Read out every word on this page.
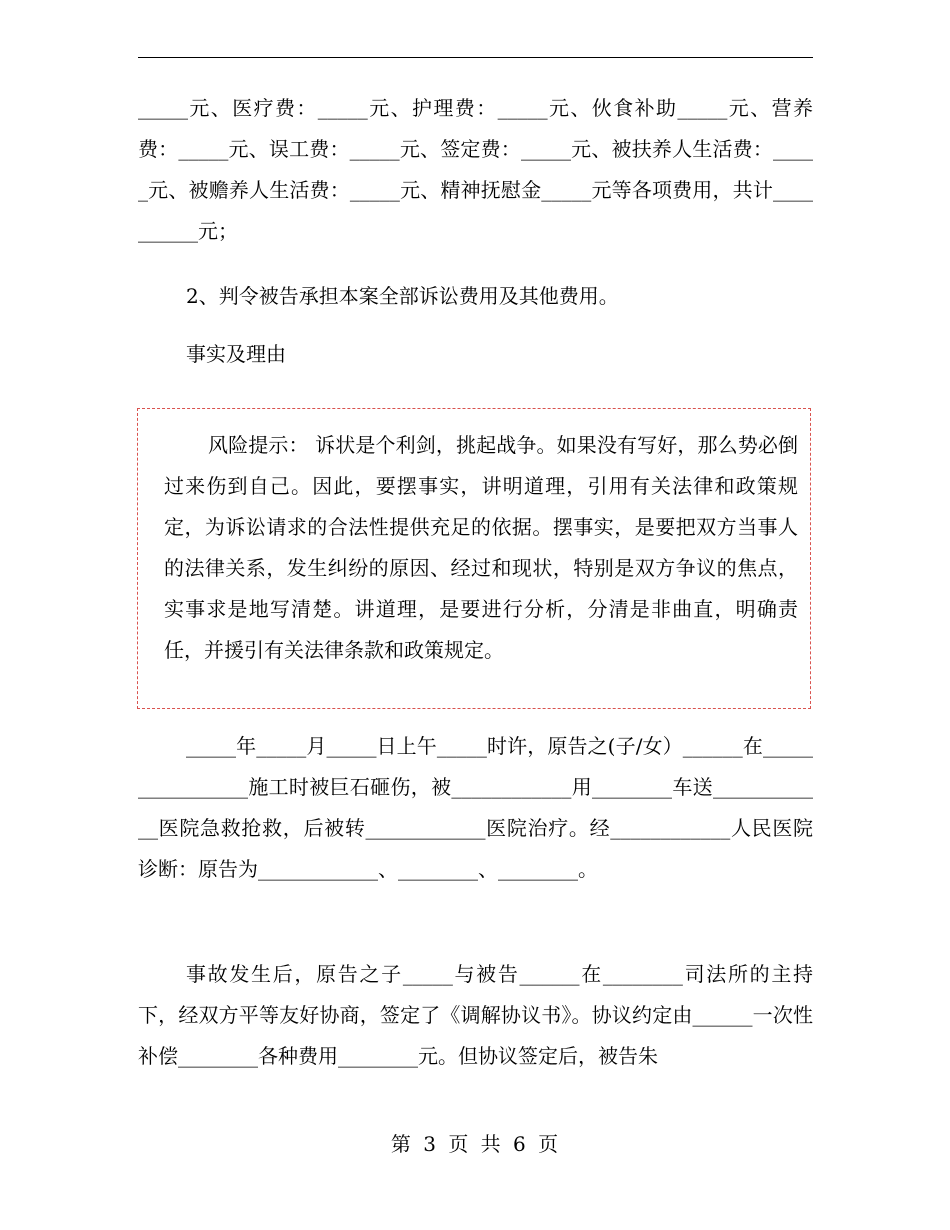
_____元、医疗费：_____元、护理费：_____元、伙食补助_____元、营养费：_____元、误工费：_____元、签定费：_____元、被扶养人生活费：_____元、被赡养人生活费：_____元、精神抚慰金_____元等各项费用，共计__________元；

2、判令被告承担本案全部诉讼费用及其他费用。

事实及理由

风险提示： 诉状是个利剑，挑起战争。如果没有写好，那么势必倒过来伤到自己。因此，要摆事实，讲明道理，引用有关法律和政策规定，为诉讼请求的合法性提供充足的依据。摆事实，是要把双方当事人的法律关系，发生纠纷的原因、经过和现状，特别是双方争议的焦点，实事求是地写清楚。讲道理，是要进行分析，分清是非曲直，明确责任，并援引有关法律条款和政策规定。

_____年_____月_____日上午_____时许，原告之(子/女）______在________________施工时被巨石砸伤，被____________用________车送____________医院急救抢救，后被转____________医院治疗。经____________人民医院诊断：原告为____________、________、________。

事故发生后，原告之子_____与被告______在________司法所的主持下，经双方平等友好协商，签定了《调解协议书》。协议约定由______一次性补偿________各种费用________元。但协议签定后，被告朱

第 3 页 共 6 页
